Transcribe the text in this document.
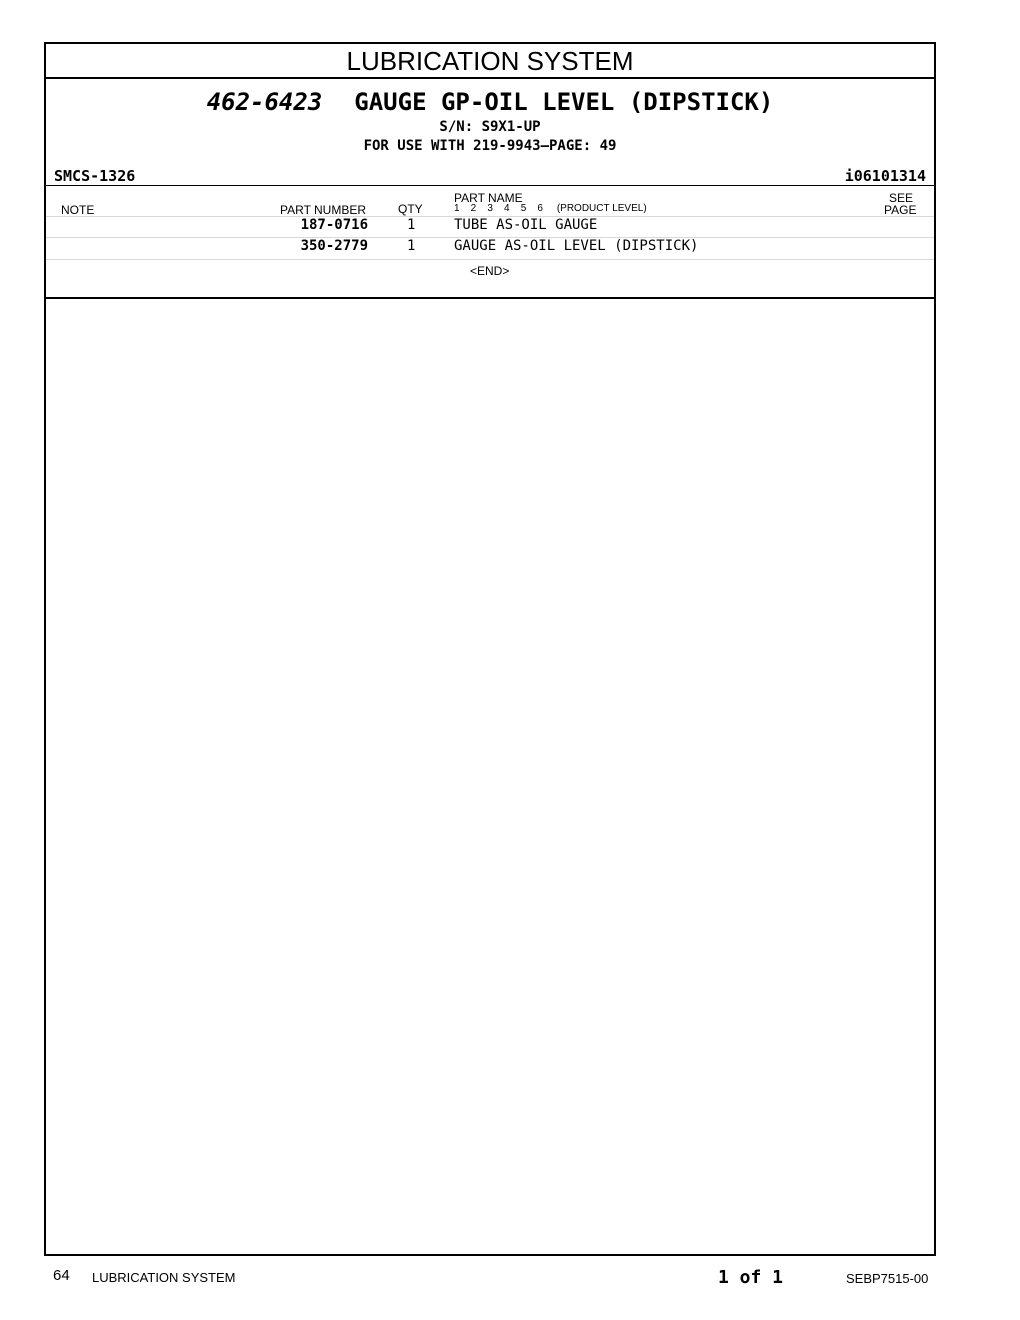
LUBRICATION SYSTEM
462-6423 GAUGE GP-OIL LEVEL (DIPSTICK)
S/N: S9X1-UP
FOR USE WITH 219-9943—PAGE: 49
SMCS-1326	i06101314
NOTE	PART NUMBER	QTY
PART NAME
1    2    3    4    5    6     (PRODUCT LEVEL)
SEE
PAGE
187-0716	1	TUBE AS-OIL GAUGE
350-2779	1	GAUGE AS-OIL LEVEL (DIPSTICK)
<END>
64 LUBRICATION SYSTEM	1 of 1	SEBP7515-00
